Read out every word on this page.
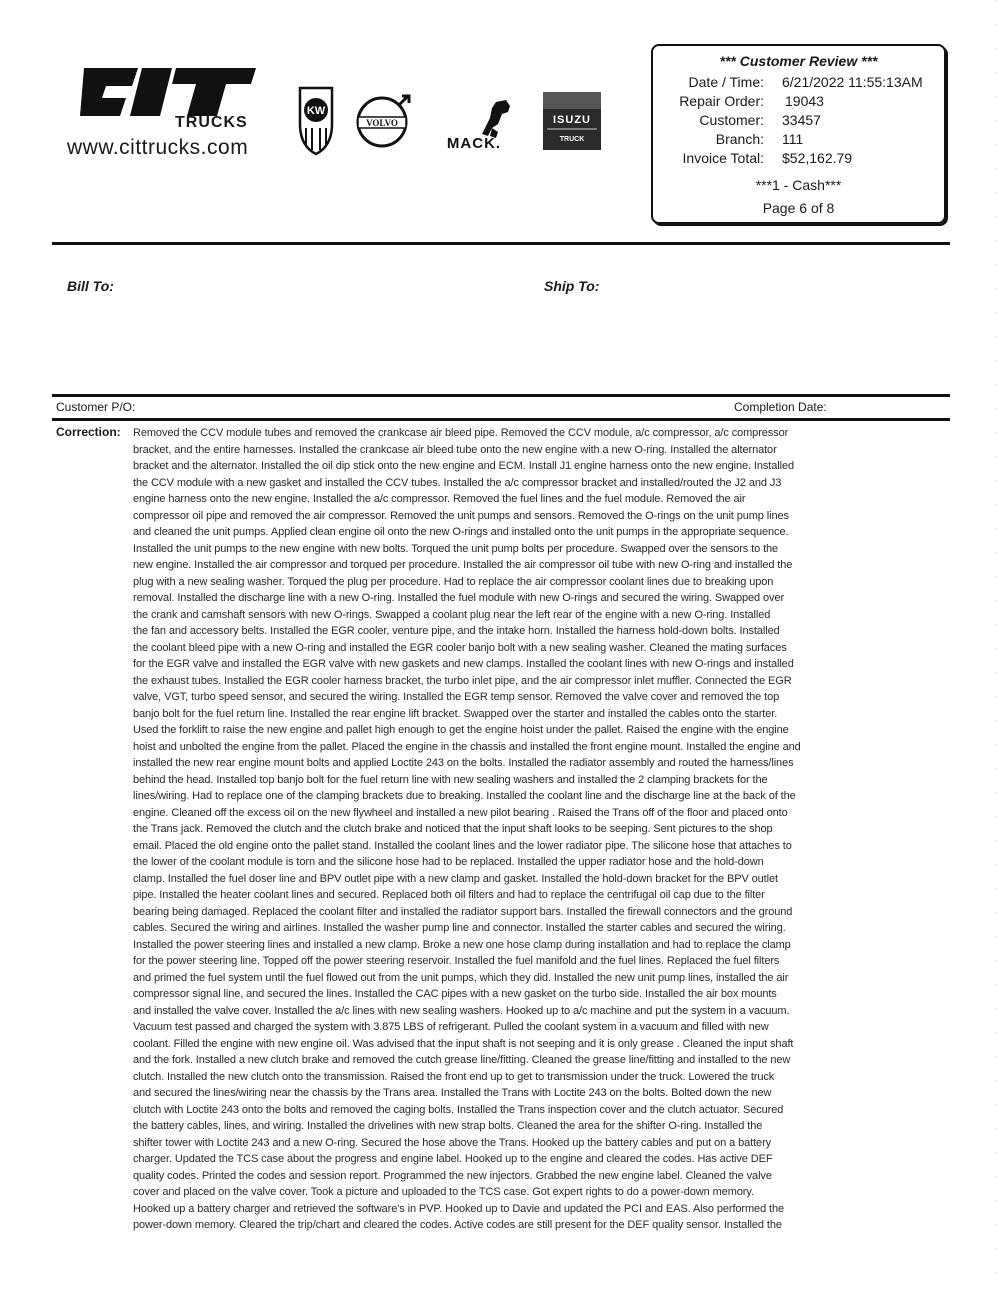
TRUCKS
www.cittrucks.com
KW
VOLVO
MACK.
ISUZU
TRUCK
*** Customer Review ***
Date / Time: 6/21/2022 11:55:13AM
Repair Order: 19043
Customer: 33457
Branch: 111
Invoice Total: $52,162.79
***1 - Cash***
Page 6 of 8
Bill To:	Ship To:
Customer P/O:	Completion Date:
Correction: Removed the CCV module tubes and removed the crankcase air bleed pipe. Removed the CCV module, a/c compressor, a/c compressor
bracket, and the entire harnesses. Installed the crankcase air bleed tube onto the new engine with a new O-ring. Installed the alternator
bracket and the alternator. Installed the oil dip stick onto the new engine and ECM. Install J1 engine harness onto the new engine. Installed
the CCV module with a new gasket and installed the CCV tubes. Installed the a/c compressor bracket and installed/routed the J2 and J3
engine harness onto the new engine. Installed the a/c compressor. Removed the fuel lines and the fuel module. Removed the air
compressor oil pipe and removed the air compressor. Removed the unit pumps and sensors. Removed the O-rings on the unit pump lines
and cleaned the unit pumps. Applied clean engine oil onto the new O-rings and installed onto the unit pumps in the appropriate sequence.
Installed the unit pumps to the new engine with new bolts. Torqued the unit pump bolts per procedure. Swapped over the sensors to the
new engine. Installed the air compressor and torqued per procedure. Installed the air compressor oil tube with new O-ring and installed the
plug with a new sealing washer. Torqued the plug per procedure. Had to replace the air compressor coolant lines due to breaking upon
removal. Installed the discharge line with a new O-ring. Installed the fuel module with new O-rings and secured the wiring. Swapped over
the crank and camshaft sensors with new O-rings. Swapped a coolant plug near the left rear of the engine with a new O-ring. Installed
the fan and accessory belts. Installed the EGR cooler, venture pipe, and the intake horn. Installed the harness hold-down bolts. Installed
the coolant bleed pipe with a new O-ring and installed the EGR cooler banjo bolt with a new sealing washer. Cleaned the mating surfaces
for the EGR valve and installed the EGR valve with new gaskets and new clamps. Installed the coolant lines with new O-rings and installed
the exhaust tubes. Installed the EGR cooler harness bracket, the turbo inlet pipe, and the air compressor inlet muffler. Connected the EGR
valve, VGT, turbo speed sensor, and secured the wiring. Installed the EGR temp sensor. Removed the valve cover and removed the top
banjo bolt for the fuel return line. Installed the rear engine lift bracket. Swapped over the starter and installed the cables onto the starter.
Used the forklift to raise the new engine and pallet high enough to get the engine hoist under the pallet. Raised the engine with the engine
hoist and unbolted the engine from the pallet. Placed the engine in the chassis and installed the front engine mount. Installed the engine and
installed the new rear engine mount bolts and applied Loctite 243 on the bolts. Installed the radiator assembly and routed the harness/lines
behind the head. Installed top banjo bolt for the fuel return line with new sealing washers and installed the 2 clamping brackets for the
lines/wiring. Had to replace one of the clamping brackets due to breaking. Installed the coolant line and the discharge line at the back of the
engine. Cleaned off the excess oil on the new flywheel and installed a new pilot bearing . Raised the Trans off of the floor and placed onto
the Trans jack. Removed the clutch and the clutch brake and noticed that the input shaft looks to be seeping. Sent pictures to the shop
email. Placed the old engine onto the pallet stand. Installed the coolant lines and the lower radiator pipe. The silicone hose that attaches to
the lower of the coolant module is torn and the silicone hose had to be replaced. Installed the upper radiator hose and the hold-down
clamp. Installed the fuel doser line and BPV outlet pipe with a new clamp and gasket. Installed the hold-down bracket for the BPV outlet
pipe. Installed the heater coolant lines and secured. Replaced both oil filters and had to replace the centrifugal oil cap due to the filter
bearing being damaged. Replaced the coolant filter and installed the radiator support bars. Installed the firewall connectors and the ground
cables. Secured the wiring and airlines. Installed the washer pump line and connector. Installed the starter cables and secured the wiring.
Installed the power steering lines and installed a new clamp. Broke a new one hose clamp during installation and had to replace the clamp
for the power steering line. Topped off the power steering reservoir. Installed the fuel manifold and the fuel lines. Replaced the fuel filters
and primed the fuel system until the fuel flowed out from the unit pumps, which they did. Installed the new unit pump lines, installed the air
compressor signal line, and secured the lines. Installed the CAC pipes with a new gasket on the turbo side. Installed the air box mounts
and installed the valve cover. Installed the a/c lines with new sealing washers. Hooked up to a/c machine and put the system in a vacuum.
Vacuum test passed and charged the system with 3.875 LBS of refrigerant. Pulled the coolant system in a vacuum and filled with new
coolant. Filled the engine with new engine oil. Was advised that the input shaft is not seeping and it is only grease . Cleaned the input shaft
and the fork. Installed a new clutch brake and removed the cutch grease line/fitting. Cleaned the grease line/fitting and installed to the new
clutch. Installed the new clutch onto the transmission. Raised the front end up to get to transmission under the truck. Lowered the truck
and secured the lines/wiring near the chassis by the Trans area. Installed the Trans with Loctite 243 on the bolts. Bolted down the new
clutch with Loctite 243 onto the bolts and removed the caging bolts. Installed the Trans inspection cover and the clutch actuator. Secured
the battery cables, lines, and wiring. Installed the drivelines with new strap bolts. Cleaned the area for the shifter O-ring. Installed the
shifter tower with Loctite 243 and a new O-ring. Secured the hose above the Trans. Hooked up the battery cables and put on a battery
charger. Updated the TCS case about the progress and engine label. Hooked up to the engine and cleared the codes. Has active DEF
quality codes. Printed the codes and session report. Programmed the new injectors. Grabbed the new engine label. Cleaned the valve
cover and placed on the valve cover. Took a picture and uploaded to the TCS case. Got expert rights to do a power-down memory.
Hooked up a battery charger and retrieved the software's in PVP. Hooked up to Davie and updated the PCI and EAS. Also performed the
power-down memory. Cleared the trip/chart and cleared the codes. Active codes are still present for the DEF quality sensor. Installed the
